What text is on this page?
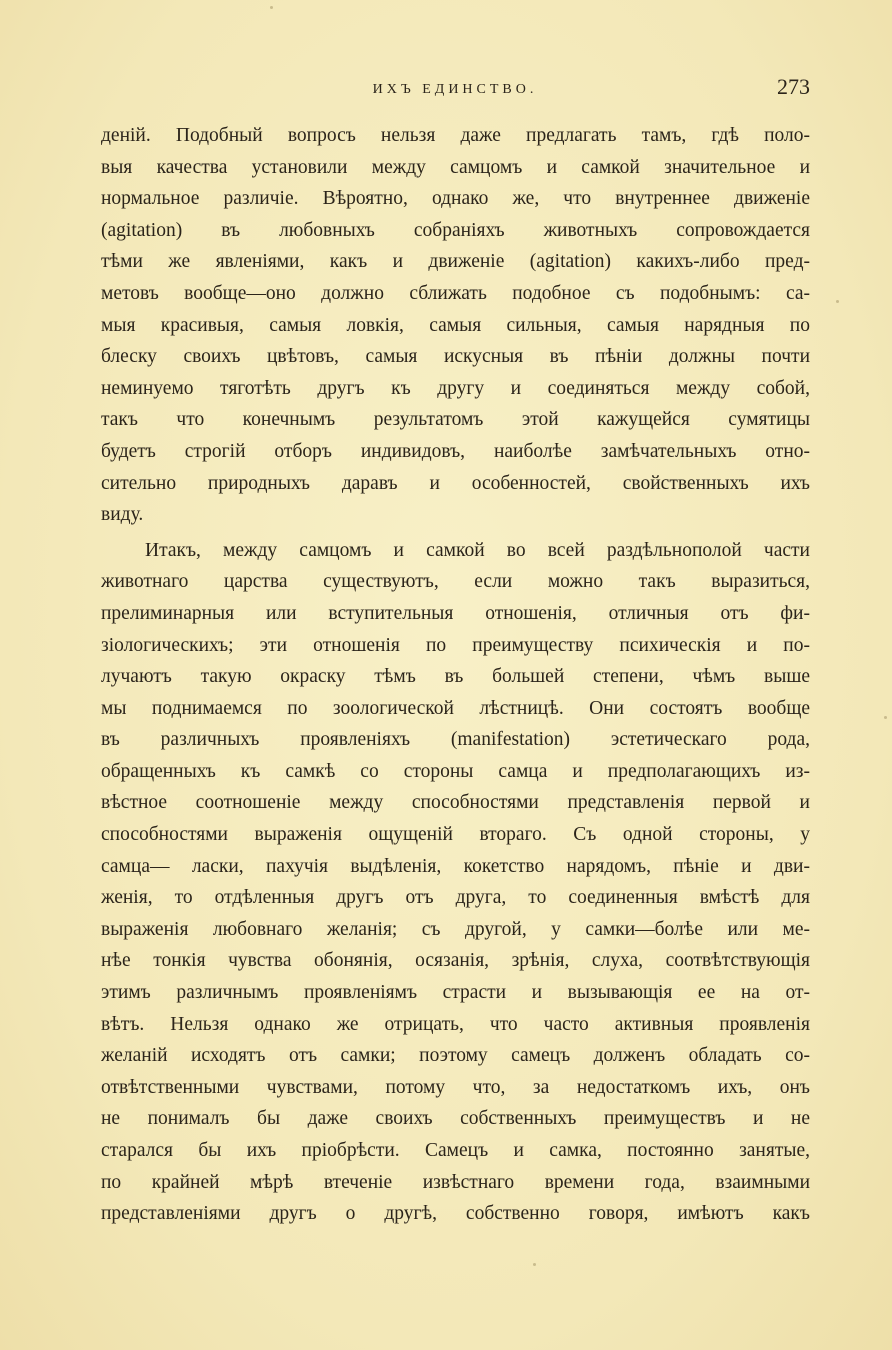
ИХЪ ЕДИНСТВО.	273
деній. Подобный вопросъ нельзя даже предлагать тамъ, гдѣ поло-
выя качества установили между самцомъ и самкой значительное и
нормальное различіе. Вѣроятно, однако же, что внутреннее движеніе
(agitation) въ любовныхъ собраніяхъ животныхъ сопровождается
тѣми же явленіями, какъ и движеніе (agitation) какихъ-либо пред-
метовъ вообще—оно должно сближать подобное съ подобнымъ: са-
мыя красивыя, самыя ловкія, самыя сильныя, самыя нарядныя по
блеску своихъ цвѣтовъ, самыя искусныя въ пѣніи должны почти
неминуемо тяготѣть другъ къ другу и соединяться между собой,
такъ что конечнымъ результатомъ этой кажущейся сумятицы
будетъ строгій отборъ индивидовъ, наиболѣе замѣчательныхъ отно-
сительно природныхъ даравъ и особенностей, свойственныхъ ихъ
виду.
Итакъ, между самцомъ и самкой во всей раздѣльнополой части
животнаго царства существуютъ, если можно такъ выразиться,
прелиминарныя или вступительныя отношенія, отличныя отъ фи-
зіологическихъ; эти отношенія по преимуществу психическія и по-
лучаютъ такую окраску тѣмъ въ большей степени, чѣмъ выше
мы поднимаемся по зоологической лѣстницѣ. Они состоятъ вообще
въ различныхъ проявленіяхъ (manifestation) эстетическаго рода,
обращенныхъ къ самкѣ со стороны самца и предполагающихъ из-
вѣстное соотношеніе между способностями представленія первой и
способностями выраженія ощущеній втораго. Съ одной стороны, у
самца— ласки, пахучія выдѣленія, кокетство нарядомъ, пѣніе и дви-
женія, то отдѣленныя другъ отъ друга, то соединенныя вмѣстѣ для
выраженія любовнаго желанія; съ другой, у самки—болѣе или ме-
нѣе тонкія чувства обонянія, осязанія, зрѣнія, слуха, соотвѣтствующія
этимъ различнымъ проявленіямъ страсти и вызывающія ее на от-
вѣтъ. Нельзя однако же отрицать, что часто активныя проявленія
желаній исходятъ отъ самки; поэтому самецъ долженъ обладать со-
отвѣтственными чувствами, потому что, за недостаткомъ ихъ, онъ
не понималъ бы даже своихъ собственныхъ преимуществъ и не
старался бы ихъ пріобрѣсти. Самецъ и самка, постоянно занятые,
по крайней мѣрѣ втеченіе извѣстнаго времени года, взаимными
представленіями другъ о другѣ, собственно говоря, имѣютъ какъ
